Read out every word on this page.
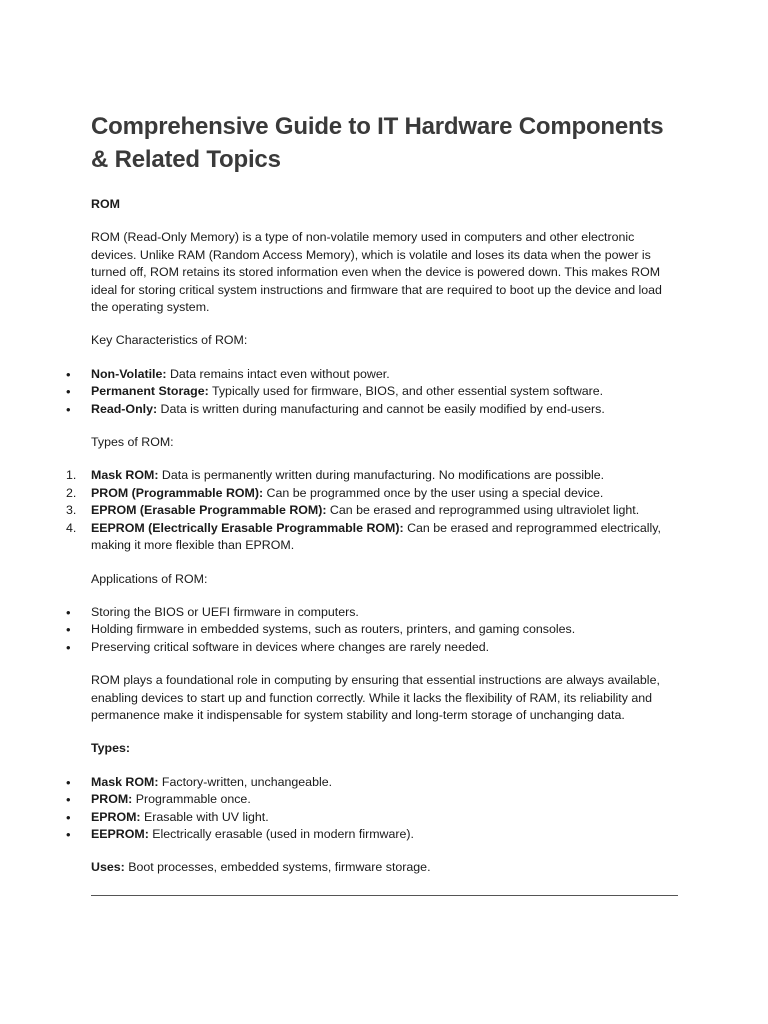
Comprehensive Guide to IT Hardware Components & Related Topics

ROM

ROM (Read-Only Memory) is a type of non-volatile memory used in computers and other electronic devices. Unlike RAM (Random Access Memory), which is volatile and loses its data when the power is turned off, ROM retains its stored information even when the device is powered down. This makes ROM ideal for storing critical system instructions and firmware that are required to boot up the device and load the operating system.

Key Characteristics of ROM:

• Non-Volatile: Data remains intact even without power.
• Permanent Storage: Typically used for firmware, BIOS, and other essential system software.
• Read-Only: Data is written during manufacturing and cannot be easily modified by end-users.

Types of ROM:

1. Mask ROM: Data is permanently written during manufacturing. No modifications are possible.
2. PROM (Programmable ROM): Can be programmed once by the user using a special device.
3. EPROM (Erasable Programmable ROM): Can be erased and reprogrammed using ultraviolet light.
4. EEPROM (Electrically Erasable Programmable ROM): Can be erased and reprogrammed electrically, making it more flexible than EPROM.

Applications of ROM:

• Storing the BIOS or UEFI firmware in computers.
• Holding firmware in embedded systems, such as routers, printers, and gaming consoles.
• Preserving critical software in devices where changes are rarely needed.

ROM plays a foundational role in computing by ensuring that essential instructions are always available, enabling devices to start up and function correctly. While it lacks the flexibility of RAM, its reliability and permanence make it indispensable for system stability and long-term storage of unchanging data.

Types:

• Mask ROM: Factory-written, unchangeable.
• PROM: Programmable once.
• EPROM: Erasable with UV light.
• EEPROM: Electrically erasable (used in modern firmware).

Uses: Boot processes, embedded systems, firmware storage.
